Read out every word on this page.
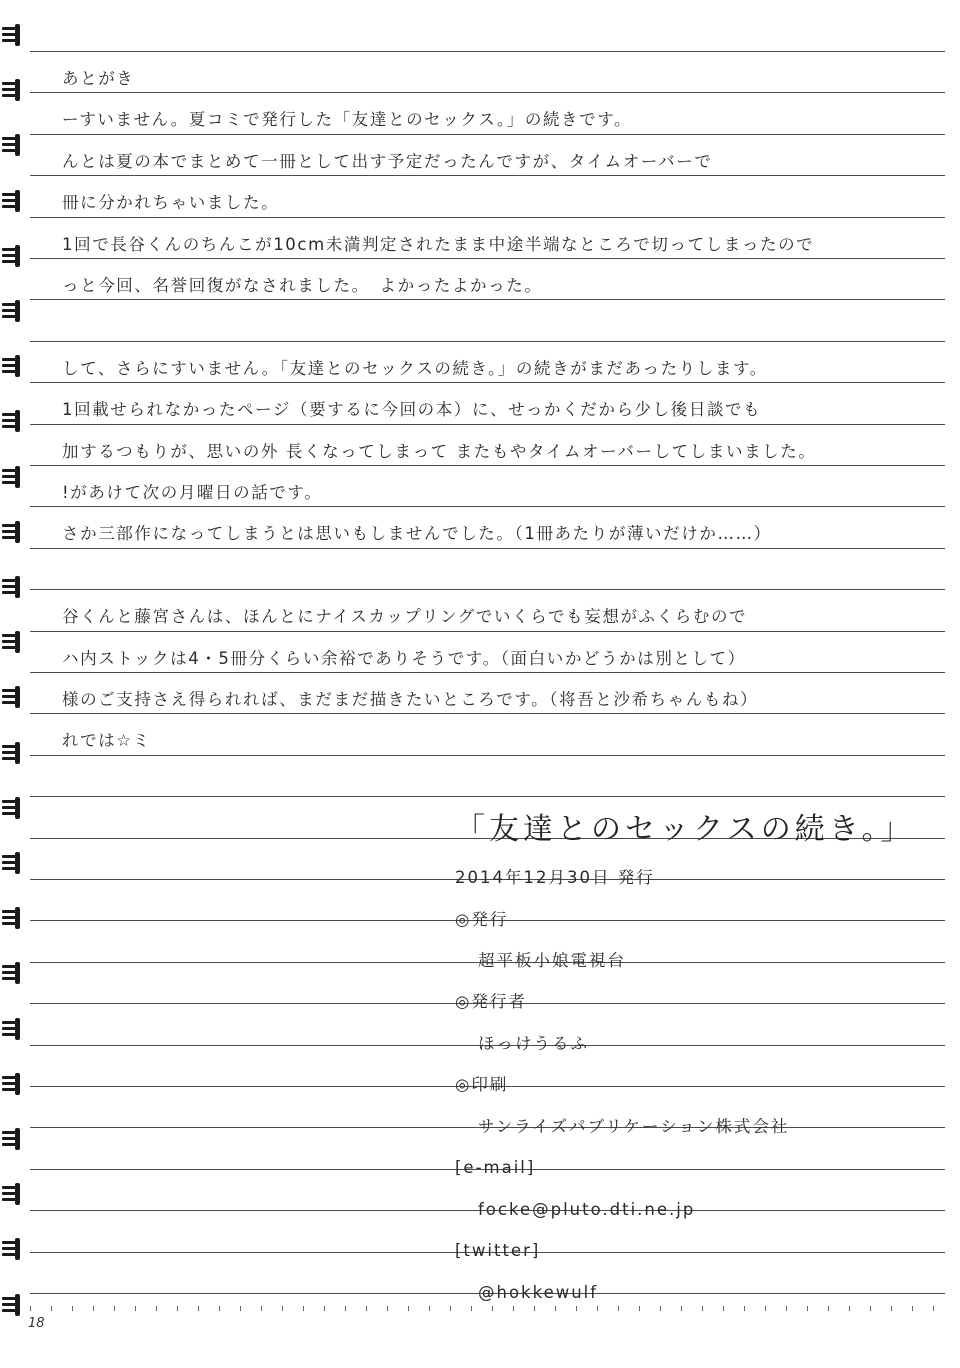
あとがき
ーすいません。夏コミで発行した「友達とのセックス。」の続きです。
んとは夏の本でまとめて一冊として出す予定だったんですが、タイムオーバーで
冊に分かれちゃいました。
1回で長谷くんのちんこが10cm未満判定されたまま中途半端なところで切ってしまったので
っと今回、名誉回復がなされました。　よかったよかった。
して、さらにすいません。「友達とのセックスの続き。」の続きがまだあったりします。
1回載せられなかったページ（要するに今回の本）に、せっかくだから少し後日談でも
加するつもりが、思いの外 長くなってしまって またもやタイムオーバーしてしまいました。
!があけて次の月曜日の話です。
さか三部作になってしまうとは思いもしませんでした。（1冊あたりが薄いだけか……）
谷くんと藤宮さんは、ほんとにナイスカップリングでいくらでも妄想がふくらむので
ハ内ストックは4・5冊分くらい余裕でありそうです。（面白いかどうかは別として）
様のご支持さえ得られれば、まだまだ描きたいところです。（将吾と沙希ちゃんもね）
れでは☆ミ
「友達とのセックスの続き。」
2014年12月30日 発行
◎発行
超平板小娘電視台
◎発行者
ほっけうるふ
◎印刷
サンライズパブリケーション株式会社
[e-mail]
focke@pluto.dti.ne.jp
[twitter]
@hokkewulf
18
